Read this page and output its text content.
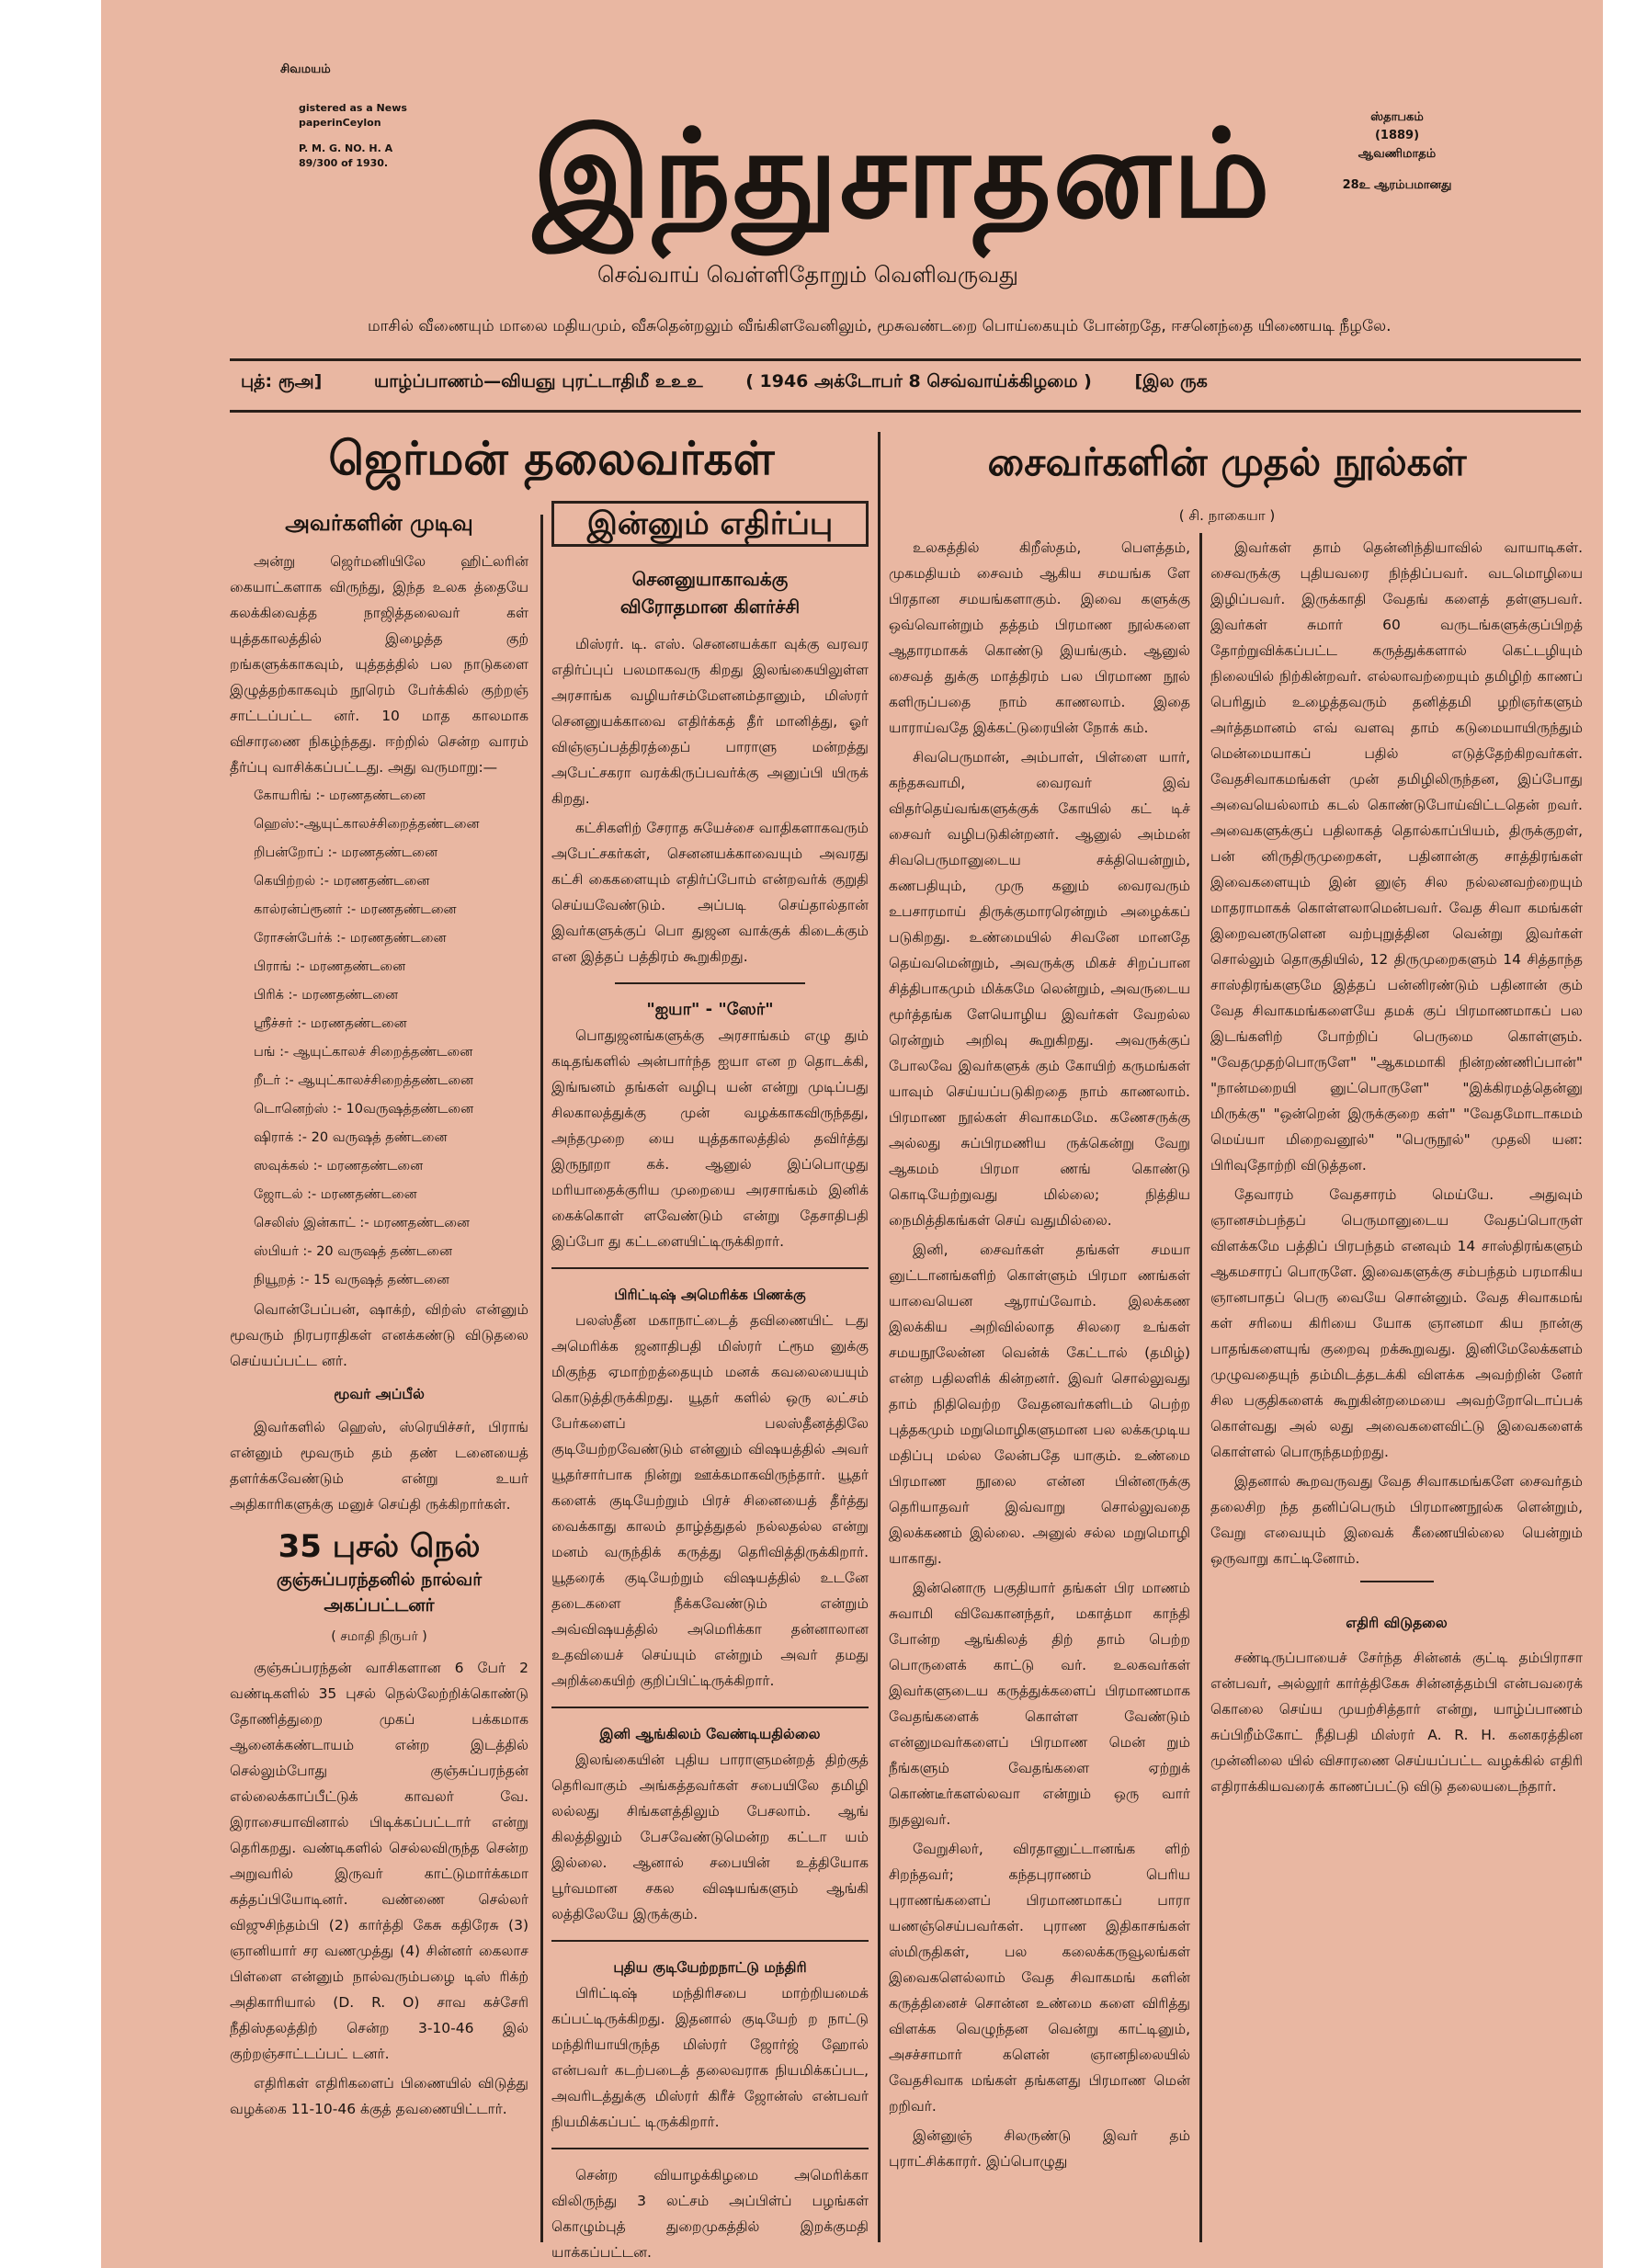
சிவமயம்
gistered as a News
paperinCeylon
P. M. G. NO. H. A
89/300 of 1930.	இந்துசாதனம்	ஸ்தாபகம்
(1889)
ஆவணிமாதம்
28உ ஆரம்பமானது
செவ்வாய் வெள்ளிதோறும் வெளிவருவது
மாசில் வீணையும் மாலை மதியமும், வீசுதென்றலும் வீங்கிளவேனிலும், மூசுவண்டறை பொய்கையும் போன்றதே, ஈசனெந்தை யிணையடி நீழலே.
புத்: ரூஅ]	யாழ்ப்பாணம்—வியஞு புரட்டாதிமீ உஉஉ ( 1946 அக்டோபர் 8 செவ்வாய்க்கிழமை ) [இல ருக
ஜெர்மன் தலைவர்கள்
அவர்களின் முடிவு

அன்று ஜெர்மனியிலே ஹிட்லரின் கையாட்களாக விருந்து, இந்த உலக த்தையே கலக்கிவைத்த நாஜித்தலைவர் கள் யுத்தகாலத்தில் இழைத்த குற் றங்களுக்காகவும், யுத்தத்தில் பல நாடுகளை இழுத்தற்காகவும் நூரெம் பேர்க்கில் குற்றஞ் சாட்டப்பட்ட னர். 10 மாத காலமாக விசாரணை நிகழ்ந்தது. ஈற்றில் சென்ற வாரம் தீர்ப்பு வாசிக்கப்பட்டது. அது வருமாறு:—

கோயரிங் :- மரணதண்டனை

ஹெஸ்:-ஆயுட்காலச்சிறைத்தண்டனை

றிபன்றோப் :- மரணதண்டனை

கெயிற்றல் :- மரணதண்டனை

கால்ரன்ப்ரூனர் :- மரணதண்டனை

ரோசன்பேர்க் :- மரணதண்டனை

பிராங் :- மரணதண்டனை

பிரிக் :- மரணதண்டனை

ஸ்ரீச்சர் :- மரணதண்டனை

பங் :- ஆயுட்காலச் சிறைத்தண்டனை

றீடர் :- ஆயுட்காலச்சிறைத்தண்டனை

டொனெற்ஸ் :- 10வருஷத்தண்டனை

ஷிராக் :- 20 வருஷத் தண்டனை

ஸவுக்கல் :- மரணதண்டனை

ஜோடல் :- மரணதண்டனை

செலிஸ் இன்காட் :- மரணதண்டனை

ஸ்பியர் :- 20 வருஷத் தண்டனை

நியூறத் :- 15 வருஷத் தண்டனை

வொன்பேப்பன், ஷாக்ற், விற்ஸ் என்னும் மூவரும் நிரபராதிகள் எனக்கண்டு விடுதலை செய்யப்பட்ட னர்.

மூவர் அப்பீல்

இவர்களில் ஹெஸ், ஸ்ரெயிச்சர், பிராங் என்னும் மூவரும் தம் தண் டனையைத் தளர்க்கவேண்டும் என்று உயர் அதிகாரிகளுக்கு மனுச் செய்தி ருக்கிறார்கள்.

35 புசல் நெல்
குஞ்சுப்பரந்தனில் நால்வர் அகப்பட்டனர்
( சமாதி நிருபர் )

குஞ்சுப்பரந்தன் வாசிகளான 6 பேர் 2 வண்டிகளில் 35 புசல் நெல்லேற்றிக்கொண்டு தோணித்துறை முகப் பக்கமாக ஆனைக்கண்டாயம் என்ற இடத்தில் செல்லும்போது குஞ்சுப்பரந்தன் எல்லைக்காப்பீட்டுக் காவலர் வே. இராசையாவினால் பிடிக்கப்பட்டார் என்று தெரிகறது. வண்டிகளில் செல்லவிருந்த சென்ற அறுவரில் இருவர் காட்டுமார்க்கமா கத்தப்பியோடினர். வண்ணை செல்லர் விஜுசிந்தம்பி (2) கார்த்தி கேசு கதிரேசு (3) ஞானியார் சர வணமுத்து (4) சின்னர் கைலாச பிள்ளை என்னும் நால்வரும்பழை டிஸ் ரிக்ற் அதிகாரியால் (D. R. O) சாவ கச்சேரி நீதிஸ்தலத்திற் சென்ற 3-10-46 இல் குற்றஞ்சாட்டப்பட் டனர்.

எதிரிகள் எதிரிகளைப் பிணையில் விடுத்து வழக்கை 11-10-46 க்குத் தவணையிட்டார்.

இன்னும் எதிர்ப்பு
செனனுயாகாவக்கு விரோதமான கிளர்ச்சி

மிஸ்ரர். டி. எஸ். செனனயக்கா வுக்கு வரவர எதிர்ப்புப் பலமாகவரு கிறது இலங்கையிலுள்ள அரசாங்க வழியர்சம்மேளனம்தானும், மிஸ்ரர் செனனுயக்காவை எதிர்க்கத் தீர் மானித்து, ஓர் விஞ்ஞப்பத்திரத்தைப் பாராளு மன்றத்து அபேட்சகரா வரக்கிருப்பவர்க்கு அனுப்பி யிருக் கிறது.

கட்சிகளிற் சேராத சுயேச்சை வாதிகளாகவரும் அபேட்சகர்கள், செனனயக்காவையும் அவரது கட்சி கைகளையும் எதிர்ப்போம் என்றவர்க் குறுதி செய்யவேண்டும். அப்படி செய்தால்தான் இவர்களுக்குப் பொ துஜன வாக்குக் கிடைக்கும் என இத்தப் பத்திரம் கூறுகிறது.

"ஐயா" - "ஸேர்"

பொதுஜனங்களுக்கு அரசாங்கம் எழு தும் கடிதங்களில் அன்பார்ந்த ஐயா என ற தொடக்கி, இங்ஙனம் தங்கள் வழிபு யன் என்று முடிப்பது சிலகாலத்துக்கு முன் வழக்காகவிருந்தது, அந்தமுறை யை யுத்தகாலத்தில் தவிர்த்து இருநூறா கக். ஆனுல் இப்பொழுது மரியாதைக்குரிய முறையை அரசாங்கம் இனிக் கைக்கொள் ளவேண்டும் என்று தேசாதிபதி இப்போ து கட்டளையிட்டிருக்கிறார்.

பிரிட்டிஷ் அமெரிக்க பிணக்கு

பலஸ்தீன மகாநாட்டைத் தவிணையிட் டது அமெரிக்க ஜனாதிபதி மிஸ்ரர் ட்ரூம னுக்கு மிகுந்த ஏமாற்றத்தையும் மனக் கவலையையும் கொடுத்திருக்கிறது. யூதர் களில் ஒரு லட்சம் பேர்களைப் பலஸ்தீனத்திலே குடியேற்றவேண்டும் என்னும் விஷயத்தில் அவர் யூதர்சார்பாக நின்று ஊக்கமாகவிருந்தார். யூதர் களைக் குடியேற்றும் பிரச் சினையைத் தீர்த்து வைக்காது காலம் தாழ்த்துதல் நல்லதல்ல என்று மனம் வருந்திக் கருத்து தெரிவித்திருக்கிறார். யூதரைக் குடியேற்றும் விஷயத்தில் உடனே தடைகளை நீக்கவேண்டும் என்றும் அவ்விஷயத்தில் அமெரிக்கா தன்னாலான உதவியைச் செய்யும் என்றும் அவர் தமது அறிக்கையிற் குறிப்பிட்டிருக்கிறார்.

இனி ஆங்கிலம் வேண்டியதில்லை

இலங்கையின் புதிய பாராளுமன்றத் திற்குத் தெரிவாகும் அங்கத்தவர்கள் சபையிலே தமிழி லல்லது சிங்களத்திலும் பேசலாம். ஆங் கிலத்திலும் பேசவேண்டுமென்ற கட்டா யம் இல்லை. ஆனால் சபையின் உத்தியோக பூர்வமான சகல விஷயங்களும் ஆங்கி லத்திலேயே இருக்கும்.

புதிய குடியேற்றநாட்டு மந்திரி

பிரிட்டிஷ் மந்திரிசபை மாற்றியமைக் கப்பட்டிருக்கிறது. இதனால் குடியேற் ற நாட்டு மந்திரியாயிருந்த மிஸ்ரர் ஜோர்ஜ் ஹோல் என்பவர் கடற்படைத் தலைவராக நியமிக்கப்பட, அவரிடத்துக்கு மிஸ்ரர் கிரீச் ஜோன்ஸ் என்பவர் நியமிக்கப்பட் டிருக்கிறார்.

சென்ற வியாழக்கிழமை அமெரிக்கா விலிருந்து 3 லட்சம் அப்பிள்ப் பழங்கள் கொழும்புத் துறைமுகத்தில் இறக்குமதி யாக்கப்பட்டன.

சைவர்களின் முதல் நூல்கள்
( சி. நாகையா )

உலகத்தில் கிறீஸ்தம், பௌத்தம், முகமதியம் சைவம் ஆகிய சமயங்க ளே பிரதான சமயங்களாகும். இவை களுக்கு ஒவ்வொன்றும் தத்தம் பிரமாண நூல்களை ஆதாரமாகக் கொண்டு இயங்கும். ஆனுல் சைவத் துக்கு மாத்திரம் பல பிரமாண நூல் களிருப்பதை நாம் காணலாம். இதை யாராய்வதே இக்கட்டுரையின் நோக் கம்.

சிவபெருமான், அம்பாள், பிள்ளை யார், கந்தசுவாமி, வைரவர் இவ் விதர்தெய்வங்களுக்குக் கோயில் கட் டிச் சைவர் வழிபடுகின்றனர். ஆனுல் அம்மன் சிவபெருமானுடைய சக்தியென்றும், கணபதியும், முரு கனும் வைரவரும் உபசாரமாய் திருக்குமாரரென்றும் அழைக்கப் படுகிறது. உண்மையில் சிவனே மானதே தெய்வமென்றும், அவருக்கு மிகச் சிறப்பான சித்திபாகமும் மிக்கமே லென்றும், அவருடைய மூர்த்தங்க ளேயொழிய இவர்கள் வேறல்ல ரென்றும் அறிவு கூறுகிறது. அவருக்குப் போலவே இவர்களுக் கும் கோயிற் கருமங்கள் யாவும் செய்யப்படுகிறதை நாம் காணலாம். பிரமாண நூல்கள் சிவாகமமே. கணேசருக்கு அல்லது சுப்பிரமணிய ருக்கென்று வேறு ஆகமம் பிரமா ணங் கொண்டு கொடியேற்றுவது மில்லை; நித்திய நைமித்திகங்கள் செய் வதுமில்லை.

இனி, சைவர்கள் தங்கள் சமயா னுட்டானங்களிற் கொள்ளும் பிரமா ணங்கள் யாவையென ஆராய்வோம். இலக்கண இலக்கிய அறிவில்லாத சிலரை உங்கள் சமயநூலேன்ன வென்க் கேட்டால் (தமிழ்) என்ற பதிலளிக் கின்றனர். இவர் சொல்லுவது தாம் நிதிவெற்ற வேதனவர்களிடம் பெற்ற புத்தகமும் மறுமொழிகளுமான பல லக்கமுடிய மதிப்பு மல்ல லேன்பதே யாகும். உண்மை பிரமாண நூலை என்ன பின்னருக்கு தெரியாதவர் இவ்வாறு சொல்லுவதை இலக்கணம் இல்லை. அனுல் சல்ல மறுமொழி யாகாது.

இன்னொரு பகுதியார் தங்கள் பிர மாணம் சுவாமி விவேகானந்தர், மகாத்மா காந்தி போன்ற ஆங்கிலத் திற் தாம் பெற்ற பொருளைக் காட்டு வர். உலகவர்கள் இவர்களுடைய கருத்துக்களைப் பிரமாணமாக வேதங்களைக் கொள்ள வேண்டும் என்னுமவர்களைப் பிரமாண மென் றும் நீங்களும் வேதங்களை ஏற்றுக் கொண்டீர்களல்லவா என்றும் ஒரு வார் நுதலுவர்.

வேறுசிலர், விரதானுட்டானங்க ளிற் சிறந்தவர்; கந்தபுராணம் பெரிய புராணங்களைப் பிரமாணமாகப் பாரா யணஞ்செய்பவர்கள். புராண இதிகாசங்கள் ஸ்மிருதிகள், பல கலைக்கருவூலங்கள் இவைகளெல்லாம் வேத சிவாகமங் களின் கருத்தினைச் சொன்ன உண்மை களை விரித்து விளக்க வெழுந்தன வென்று காட்டினும், அசச்சாமார் களென் ஞானநிலையில் வேதசிவாக மங்கள் தங்களது பிரமாண மென் றறிவர்.

இன்னுஞ் சிலருண்டு இவர் தம் புராட்சிக்காரர். இப்பொழுது

இவர்கள் தாம் தென்னிந்தியாவில் வாயாடிகள். சைவருக்கு புதியவரை நிந்திப்பவர். வடமொழியை இழிப்பவர். இருக்காதி வேதங் களைத் தள்ளுபவர். இவர்கள் சுமார் 60 வருடங்களுக்குப்பிறத் தோற்றுவிக்கப்பட்ட கருத்துக்களால் கெட்டழியும் நிலையில் நிற்கின்றவர். எல்லாவற்றையும் தமிழிற் காணப் பெரிதும் உழைத்தவரும் தனித்தமி ழறிஞர்களும் அர்த்தமானம் எவ் வளவு தாம் கடுமையாயிருந்தும் மென்மையாகப் பதில் எடுத்தேற்கிறவர்கள். வேதசிவாகமங்கள் முன் தமிழிலிருந்தன, இப்போது அவையெல்லாம் கடல் கொண்டுபோய்விட்டதென் றவர். அவைகளுக்குப் பதிலாகத் தொல்காப்பியம், திருக்குறள், பன் னிருதிருமுறைகள், பதினான்கு சாத்திரங்கள் இவைகளையும் இன் னுஞ் சில நல்லனவற்றையும் மாதராமாகக் கொள்ளலாமென்பவர். வேத சிவா கமங்கள் இறைவனருளென வற்புறுத்தின வென்று இவர்கள் சொல்லும் தொகுதியில், 12 திருமுறைகளும் 14 சித்தாந்த சாஸ்திரங்களுமே இத்தப் பன்னிரண்டும் பதினான் கும் வேத சிவாகமங்களையே தமக் குப் பிரமாணமாகப் பல இடங்களிற் போற்றிப் பெருமை கொள்ளும். "வேதமுதற்பொருளே" "ஆகமமாகி நின்றண்ணிப்பான்" "நான்மறையி னுட்பொருளே" "இக்கிரமத்தென்னு மிருக்கு" "ஒன்றென் இருக்குறை கள்" "வேதமோடாகமம் மெய்யா மிறைவனூல்" "பெருநூல்" முதலி யன: பிரிவுதோற்றி விடுத்தன.

தேவாரம் வேதசாரம் மெய்யே. அதுவும் ஞானசம்பந்தப் பெருமானுடைய வேதப்பொருள் விளக்கமே பத்திப் பிரபந்தம் எனவும் 14 சாஸ்திரங்களும் ஆகமசாரப் பொருளே. இவைகளுக்கு சம்பந்தம் பரமாகிய ஞானபாதப் பெரு வையே சொன்னும். வேத சிவாகமங் கள் சரியை கிரியை யோக ஞானமா கிய நான்கு பாதங்களையுங் குறைவு றக்கூறுவது. இனிமேலேக்களம் முழுவதையுந் தம்மிடத்தடக்கி விளக்க அவற்றின் னேர் சில பகுதிகளைக் கூறுகின்றமையை அவற்றோடொப்பக் கொள்வது அல் லது அவைகளைவிட்டு இவைகளைக் கொள்ளல் பொருந்தமற்றது.

இதனால் கூறவருவது வேத சிவாகமங்களே சைவர்தம் தலைசிற ந்த தனிப்பெரும் பிரமாணநூல்க ளென்றும், வேறு எவையும் இவைக் கீணையில்லை யென்றும் ஒருவாறு காட்டினோம்.

எதிரி விடுதலை

சண்டிருப்பாயைச் சேர்ந்த சின்னக் குட்டி தம்பிராசா என்பவர், அல்லூர் கார்த்திகேசு சின்னத்தம்பி என்பவரைக் கொலை செய்ய முயற்சித்தார் என்று, யாழ்ப்பாணம் சுப்பிறீம்கோட் நீதிபதி மிஸ்ரர் A. R. H. கனகரத்தின முன்னிலை யில் விசாரணை செய்யப்பட்ட வழக்கில் எதிரி எதிராக்கியவரைக் காணப்பட்டு விடு தலையடைந்தார்.
